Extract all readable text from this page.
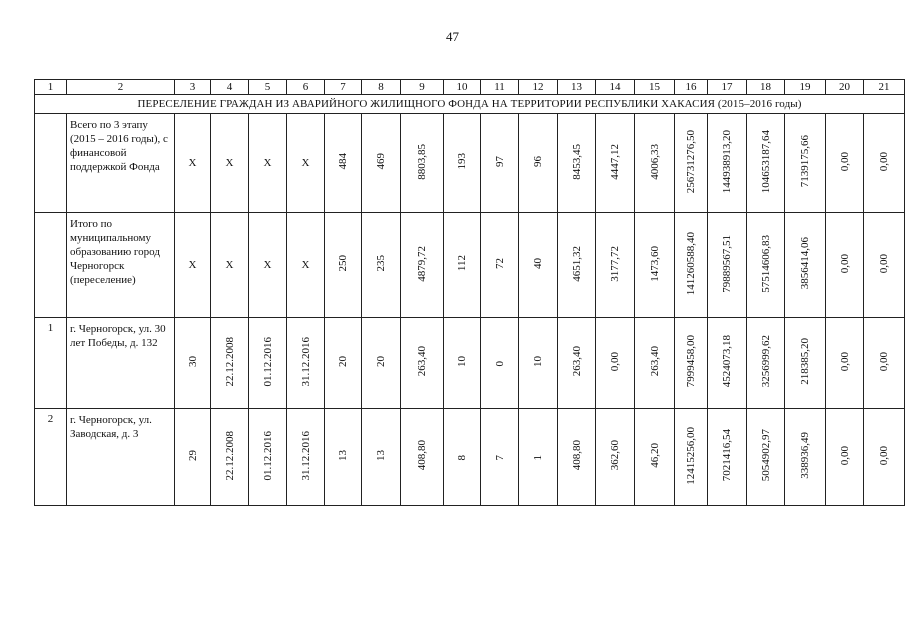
47
1	2	3	4	5	6	7	8	9	10	11	12	13	14	15	16	17	18	19	20	21
ПЕРЕСЕЛЕНИЕ ГРАЖДАН ИЗ АВАРИЙНОГО ЖИЛИЩНОГО ФОНДА НА ТЕРРИТОРИИ РЕСПУБЛИКИ ХАКАСИЯ (2015–2016 годы)																				
	Всего по 3 этапу (2015 – 2016 годы), с финансовой поддержкой Фонда	Х	Х	Х	Х	484	469	8803,85	193	97	96	8453,45	4447,12	4006,33	256731276,50	144938913,20	104653187,64	7139175,66	0,00	0,00
	Итого по муниципальному образованию город Черногорск (переселение)	Х	Х	Х	Х	250	235	4879,72	112	72	40	4651,32	3177,72	1473,60	141260588,40	79889567,51	57514606,83	3856414,06	0,00	0,00
1	г. Черногорск, ул. 30 лет Победы, д. 132	30	22.12.2008	01.12.2016	31.12.2016	20	20	263,40	10	0	10	263,40	0,00	263,40	7999458,00	4524073,18	3256999,62	218385,20	0,00	0,00
2	г. Черногорск, ул. Заводская, д. 3	29	22.12.2008	01.12.2016	31.12.2016	13	13	408,80	8	7	1	408,80	362,60	46,20	12415256,00	7021416,54	5054902,97	338936,49	0,00	0,00
